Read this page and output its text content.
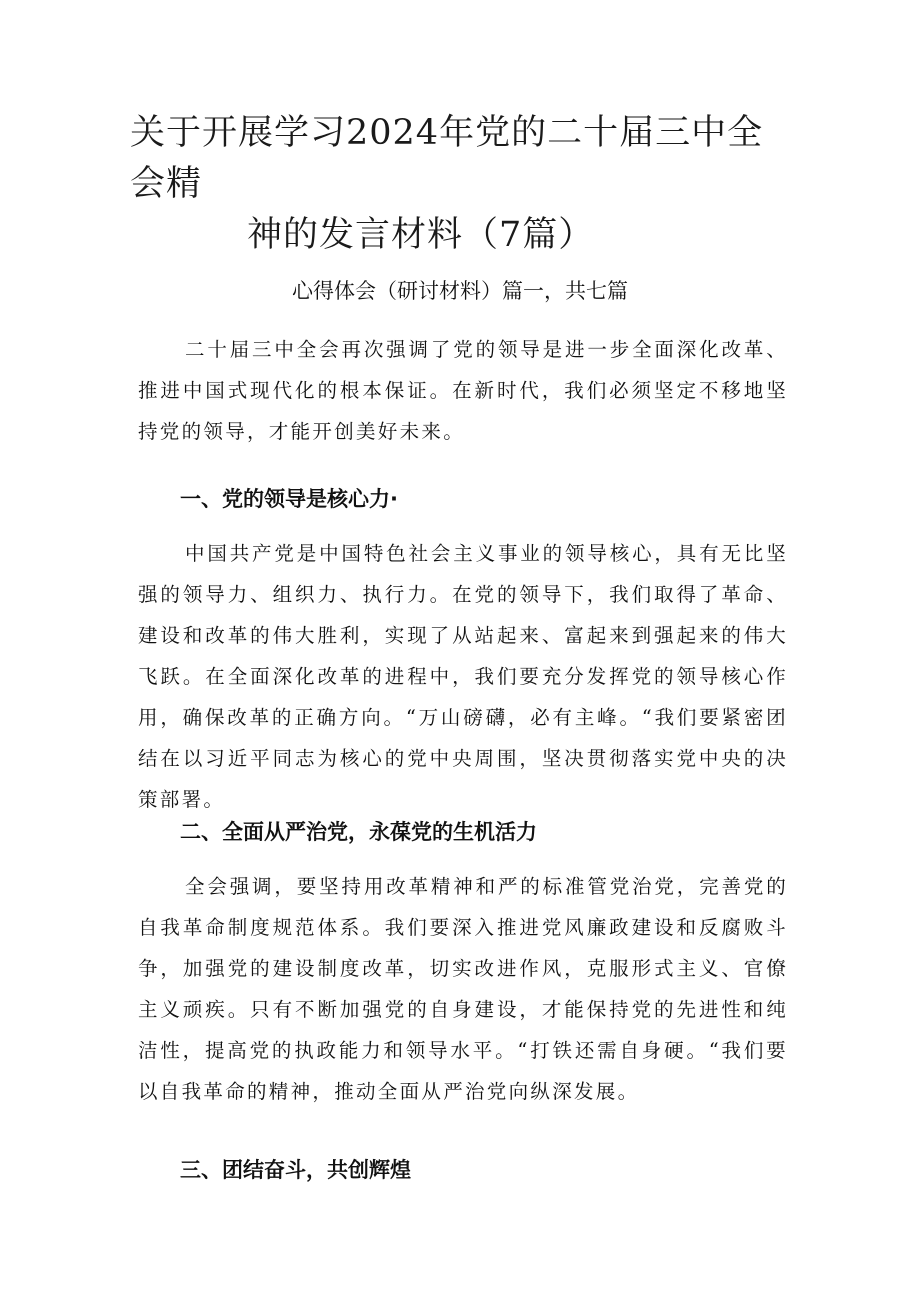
关于开展学习2024年党的二十届三中全会精
神的发言材料（7篇）

心得体会（研讨材料）篇一，共七篇

二十届三中全会再次强调了党的领导是进一步全面深化改革、推进中国式现代化的根本保证。在新时代，我们必须坚定不移地坚持党的领导，才能开创美好未来。

一、党的领导是核心力·

中国共产党是中国特色社会主义事业的领导核心，具有无比坚强的领导力、组织力、执行力。在党的领导下，我们取得了革命、建设和改革的伟大胜利，实现了从站起来、富起来到强起来的伟大飞跃。在全面深化改革的进程中，我们要充分发挥党的领导核心作用，确保改革的正确方向。“万山磅礴，必有主峰。“我们要紧密团结在以习近平同志为核心的党中央周围，坚决贯彻落实党中央的决策部署。

二、全面从严治党，永葆党的生机活力

全会强调，要坚持用改革精神和严的标准管党治党，完善党的自我革命制度规范体系。我们要深入推进党风廉政建设和反腐败斗争，加强党的建设制度改革，切实改进作风，克服形式主义、官僚主义顽疾。只有不断加强党的自身建设，才能保持党的先进性和纯洁性，提高党的执政能力和领导水平。“打铁还需自身硬。“我们要以自我革命的精神，推动全面从严治党向纵深发展。

三、团结奋斗，共创辉煌
